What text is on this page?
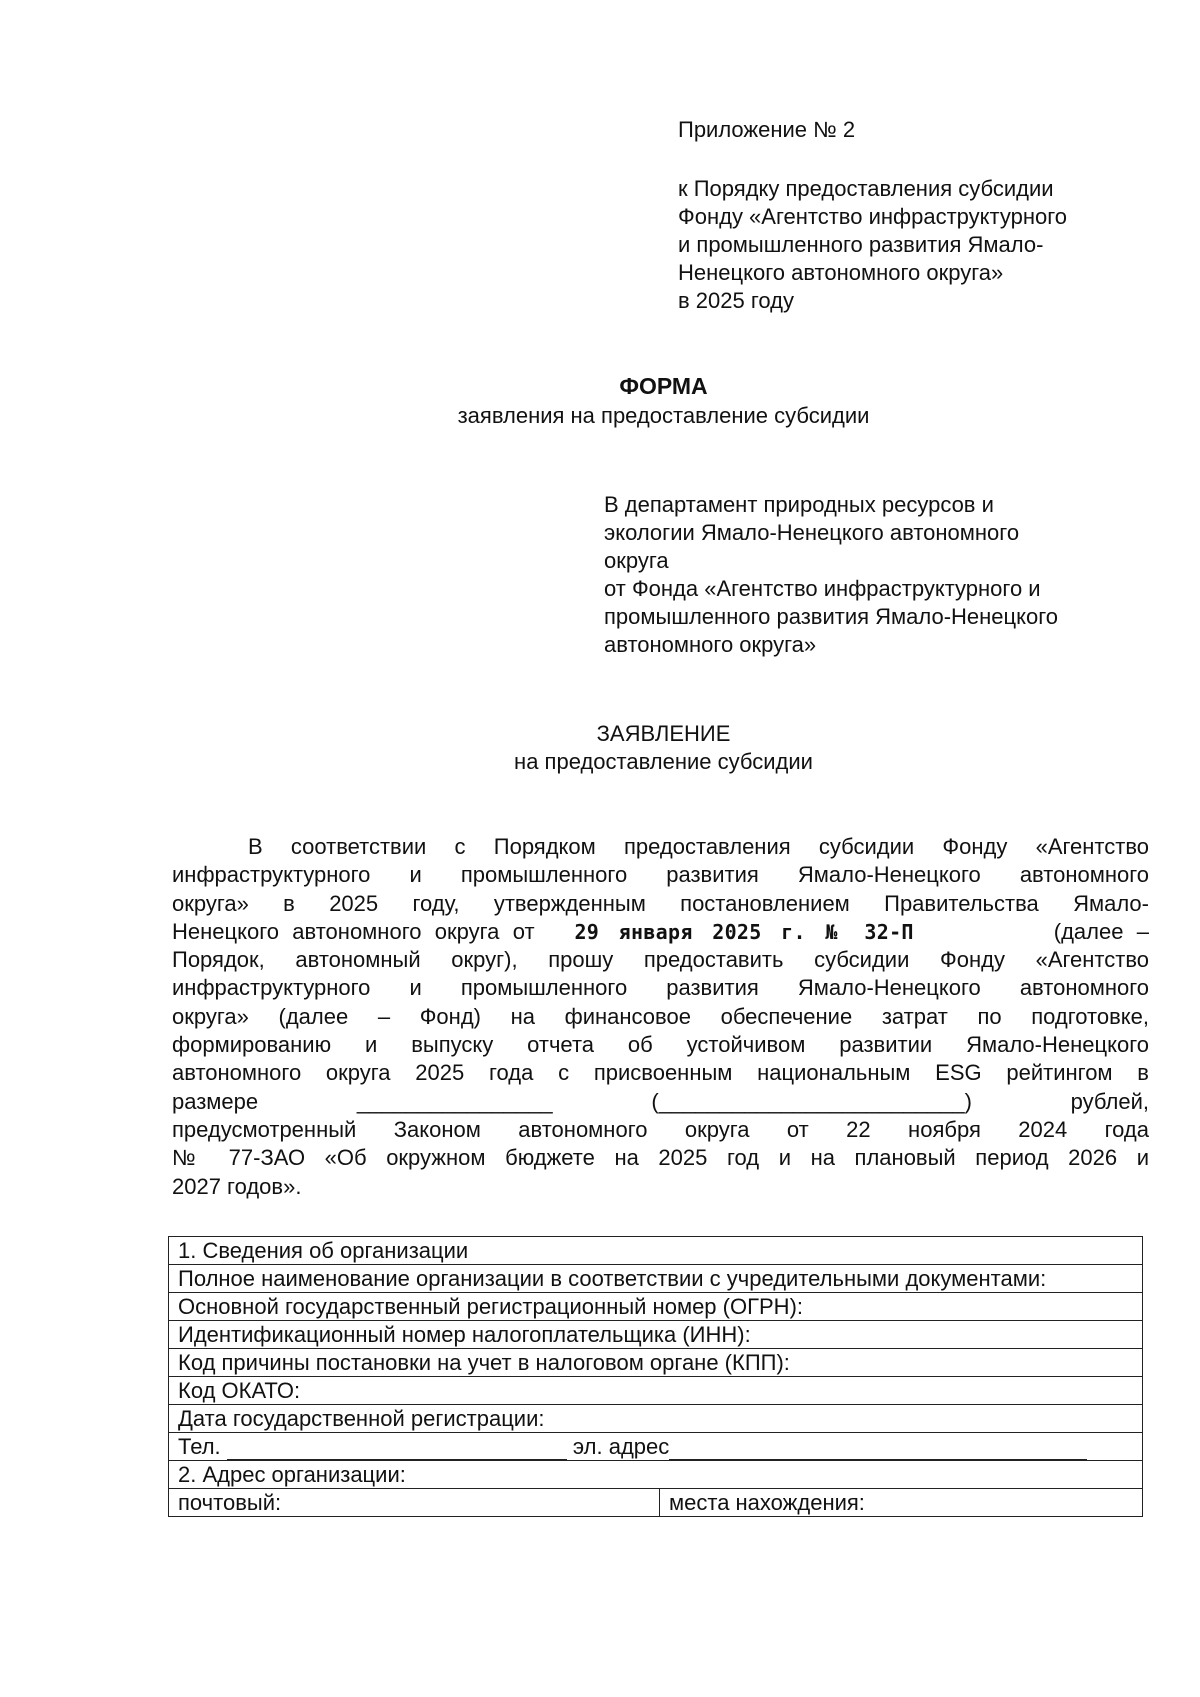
Приложение № 2
к Порядку предоставления субсидии
Фонду «Агентство инфраструктурного
и промышленного развития Ямало-
Ненецкого автономного округа»
в 2025 году
ФОРМА
заявления на предоставление субсидии
В департамент природных ресурсов и
экологии Ямало-Ненецкого автономного
округа
от Фонда «Агентство инфраструктурного и
промышленного развития Ямало-Ненецкого
автономного округа»
ЗАЯВЛЕНИЕ
на предоставление субсидии
В соответствии с Порядком предоставления субсидии Фонду «Агентство
инфраструктурного и промышленного развития Ямало-Ненецкого автономного
округа» в 2025 году, утвержденным постановлением Правительства Ямало-
Ненецкого автономного округа от 29 января 2025 г. № 32-П	(далее –
Порядок, автономный округ), прошу предоставить субсидии Фонду «Агентство
инфраструктурного и промышленного развития Ямало-Ненецкого автономного
округа» (далее – Фонд) на финансовое обеспечение затрат по подготовке,
формированию и выпуску отчета об устойчивом развитии Ямало-Ненецкого
автономного округа 2025 года с присвоенным национальным ESG рейтингом в
размере	________________	(_________________________)	рублей,
предусмотренный Законом автономного округа от 22 ноября 2024 года
№ 77-ЗАО «Об окружном бюджете на 2025 год и на плановый период 2026 и
2027 годов».
1. Сведения об организации
Полное наименование организации в соответствии с учредительными документами:
Основной государственный регистрационный номер (ОГРН):
Идентификационный номер налогоплательщика (ИНН):
Код причины постановки на учет в налоговом органе (КПП):
Код ОКАТО:
Дата государственной регистрации:
Тел.	эл. адрес
2. Адрес организации:
почтовый:	места нахождения:
